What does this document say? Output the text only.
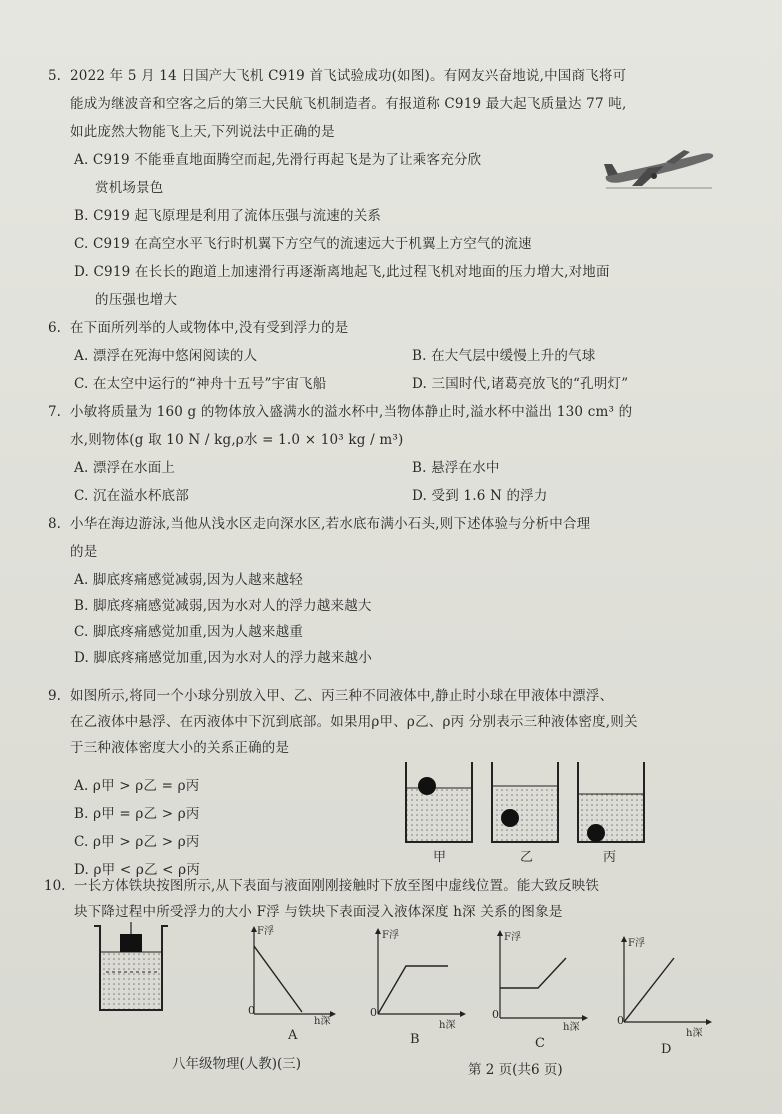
5. 2022 年 5 月 14 日国产大飞机 C919 首飞试验成功(如图)。有网友兴奋地说,中国商飞将可
能成为继波音和空客之后的第三大民航飞机制造者。有报道称 C919 最大起飞质量达 77 吨,
如此庞然大物能飞上天,下列说法中正确的是
A. C919 不能垂直地面腾空而起,先滑行再起飞是为了让乘客充分欣
赏机场景色
B. C919 起飞原理是利用了流体压强与流速的关系
C. C919 在高空水平飞行时机翼下方空气的流速远大于机翼上方空气的流速
D. C919 在长长的跑道上加速滑行再逐渐离地起飞,此过程飞机对地面的压力增大,对地面
的压强也增大
6. 在下面所列举的人或物体中,没有受到浮力的是
A. 漂浮在死海中悠闲阅读的人	B. 在大气层中缓慢上升的气球
C. 在太空中运行的“神舟十五号”宇宙飞船	D. 三国时代,诸葛亮放飞的“孔明灯”
7. 小敏将质量为 160 g 的物体放入盛满水的溢水杯中,当物体静止时,溢水杯中溢出 130 cm³ 的
水,则物体(g 取 10 N / kg,ρ水 = 1.0 × 10³ kg / m³)
A. 漂浮在水面上	B. 悬浮在水中
C. 沉在溢水杯底部	D. 受到 1.6 N 的浮力
8. 小华在海边游泳,当他从浅水区走向深水区,若水底布满小石头,则下述体验与分析中合理
的是
A. 脚底疼痛感觉减弱,因为人越来越轻
B. 脚底疼痛感觉减弱,因为水对人的浮力越来越大
C. 脚底疼痛感觉加重,因为人越来越重
D. 脚底疼痛感觉加重,因为水对人的浮力越来越小
9. 如图所示,将同一个小球分别放入甲、乙、丙三种不同液体中,静止时小球在甲液体中漂浮、
在乙液体中悬浮、在丙液体中下沉到底部。如果用ρ甲、ρ乙、ρ丙 分别表示三种液体密度,则关
于三种液体密度大小的关系正确的是
A. ρ甲 > ρ乙 = ρ丙
B. ρ甲 = ρ乙 > ρ丙
C. ρ甲 > ρ乙 > ρ丙
D. ρ甲 < ρ乙 < ρ丙
甲	乙	丙
10. 一长方体铁块按图所示,从下表面与液面刚刚接触时下放至图中虚线位置。能大致反映铁
块下降过程中所受浮力的大小 F浮 与铁块下表面浸入液体深度 h深 关系的图象是
F浮
h深
0
A
F浮
h深
0
B
F浮
h深
0
C
F浮
h深
0
D
八年级物理(人教)(三)	第 2 页(共6 页)
